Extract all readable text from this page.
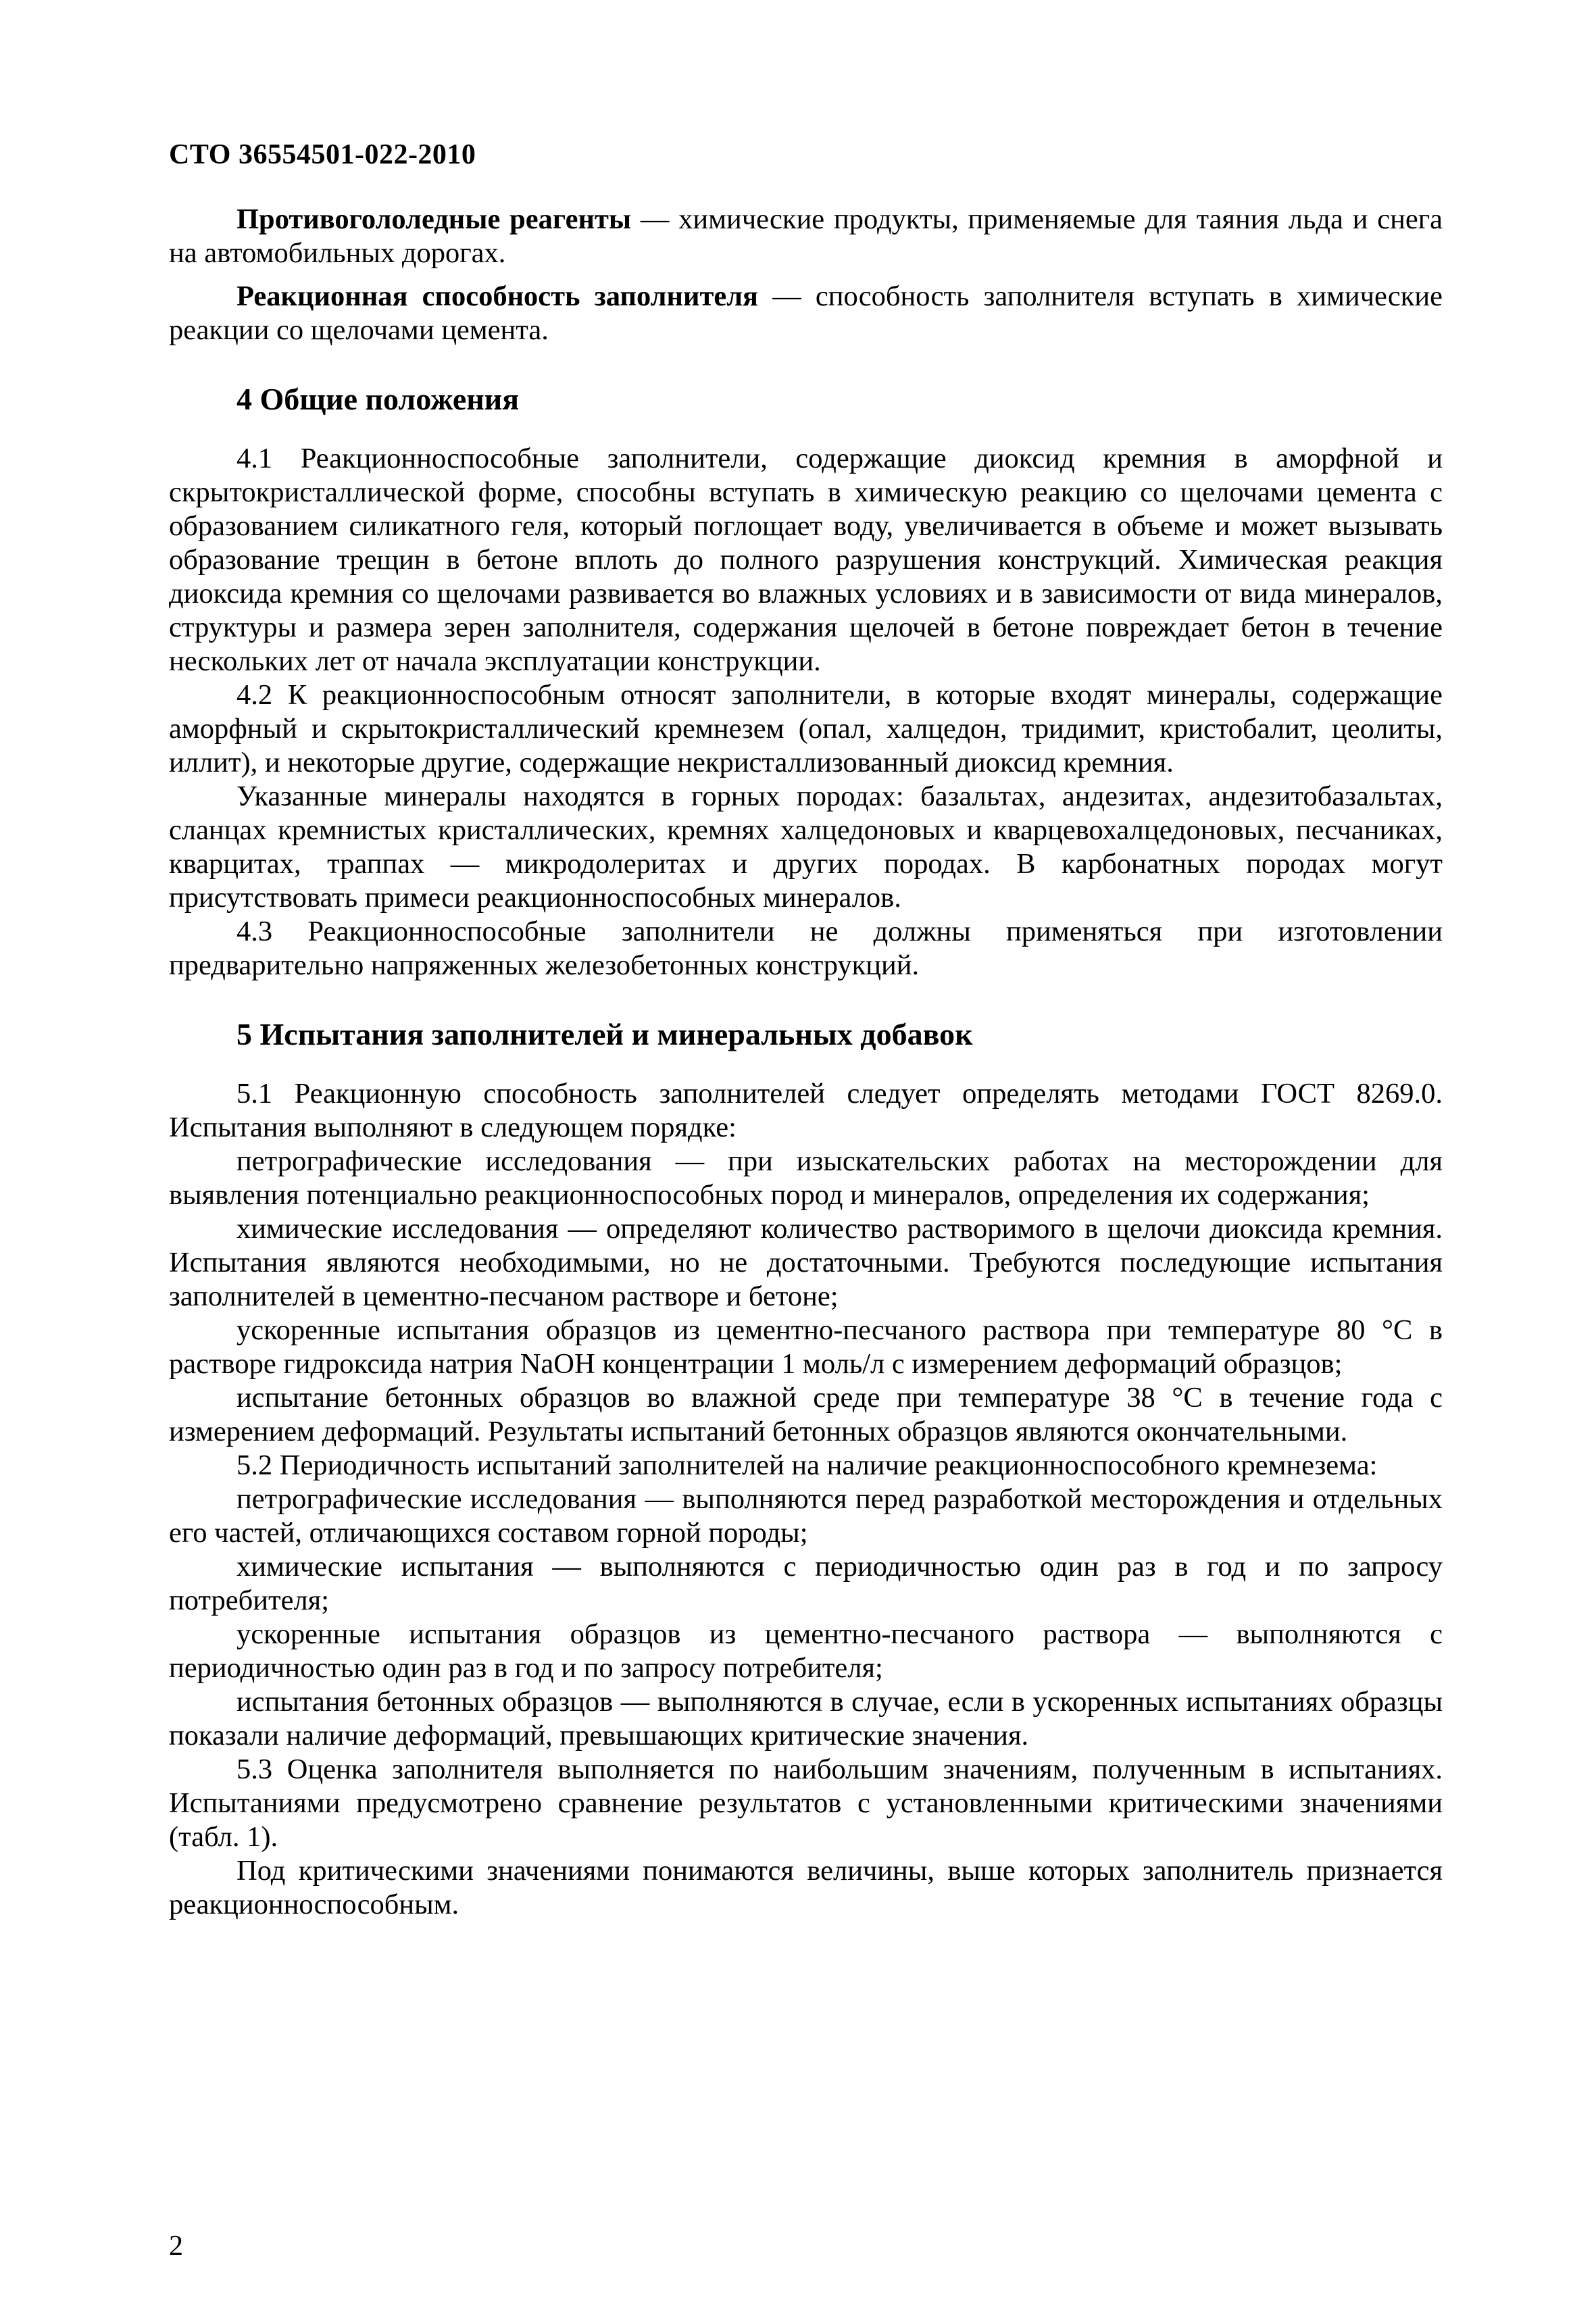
СТО 36554501-022-2010

Противогололедные реагенты — химические продукты, применяемые для таяния льда и снега на автомобильных дорогах.

Реакционная способность заполнителя — способность заполнителя вступать в химические реакции со щелочами цемента.

4 Общие положения

4.1 Реакционноспособные заполнители, содержащие диоксид кремния в аморфной и скрытокристаллической форме, способны вступать в химическую реакцию со щелочами цемента с образованием силикатного геля, который поглощает воду, увеличивается в объеме и может вызывать образование трещин в бетоне вплоть до полного разрушения конструкций. Химическая реакция диоксида кремния со щелочами развивается во влажных условиях и в зависимости от вида минералов, структуры и размера зерен заполнителя, содержания щелочей в бетоне повреждает бетон в течение нескольких лет от начала эксплуатации конструкции.

4.2 К реакционноспособным относят заполнители, в которые входят минералы, содержащие аморфный и скрытокристаллический кремнезем (опал, халцедон, тридимит, кристобалит, цеолиты, иллит), и некоторые другие, содержащие некристаллизованный диоксид кремния.

Указанные минералы находятся в горных породах: базальтах, андезитах, андезитобазальтах, сланцах кремнистых кристаллических, кремнях халцедоновых и кварцевохалцедоновых, песчаниках, кварцитах, траппах — микродолеритах и других породах. В карбонатных породах могут присутствовать примеси реакционноспособных минералов.

4.3 Реакционноспособные заполнители не должны применяться при изготовлении предварительно напряженных железобетонных конструкций.

5 Испытания заполнителей и минеральных добавок

5.1 Реакционную способность заполнителей следует определять методами ГОСТ 8269.0. Испытания выполняют в следующем порядке:

петрографические исследования — при изыскательских работах на месторождении для выявления потенциально реакционноспособных пород и минералов, определения их содержания;

химические исследования — определяют количество растворимого в щелочи диоксида кремния. Испытания являются необходимыми, но не достаточными. Требуются последующие испытания заполнителей в цементно-песчаном растворе и бетоне;

ускоренные испытания образцов из цементно-песчаного раствора при температуре 80 °С в растворе гидроксида натрия NaOH концентрации 1 моль/л с измерением деформаций образцов;

испытание бетонных образцов во влажной среде при температуре 38 °С в течение года с измерением деформаций. Результаты испытаний бетонных образцов являются окончательными.

5.2 Периодичность испытаний заполнителей на наличие реакционноспособного кремнезема:

петрографические исследования — выполняются перед разработкой месторождения и отдельных его частей, отличающихся составом горной породы;

химические испытания — выполняются с периодичностью один раз в год и по запросу потребителя;

ускоренные испытания образцов из цементно-песчаного раствора — выполняются с периодичностью один раз в год и по запросу потребителя;

испытания бетонных образцов — выполняются в случае, если в ускоренных испытаниях образцы показали наличие деформаций, превышающих критические значения.

5.3 Оценка заполнителя выполняется по наибольшим значениям, полученным в испытаниях. Испытаниями предусмотрено сравнение результатов с установленными критическими значениями (табл. 1).

Под критическими значениями понимаются величины, выше которых заполнитель признается реакционноспособным.

2
